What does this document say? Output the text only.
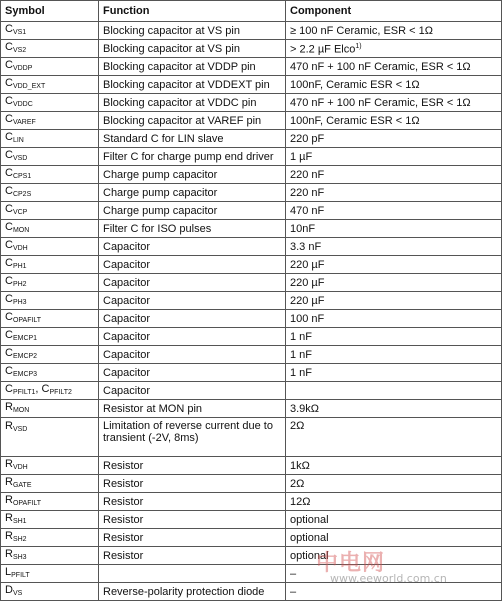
Symbol	Function	Component
$C_{VS1}$	Blocking capacitor at VS pin	≥ 100 nF Ceramic, ESR < 1Ω
$C_{VS2}$	Blocking capacitor at VS pin	> 2.2 µF Elco$^{1)}$
$C_{VDDP}$	Blocking capacitor at VDDP pin	470 nF + 100 nF Ceramic, ESR < 1Ω
$C_{VDD\_EXT}$	Blocking capacitor at VDDEXT pin	100nF, Ceramic ESR < 1Ω
$C_{VDDC}$	Blocking capacitor at VDDC pin	470 nF + 100 nF Ceramic, ESR < 1Ω
$C_{VAREF}$	Blocking capacitor at VAREF pin	100nF, Ceramic ESR < 1Ω
$C_{LIN}$	Standard C for LIN slave	220 pF
$C_{VSD}$	Filter C for charge pump end driver	1 µF
$C_{CPS1}$	Charge pump capacitor	220 nF
$C_{CP2S}$	Charge pump capacitor	220 nF
$C_{VCP}$	Charge pump capacitor	470 nF
$C_{MON}$	Filter C for ISO pulses	10nF
$C_{VDH}$	Capacitor	3.3 nF
$C_{PH1}$	Capacitor	220 µF
$C_{PH2}$	Capacitor	220 µF
$C_{PH3}$	Capacitor	220 µF
$C_{OPAFILT}$	Capacitor	100 nF
$C_{EMCP1}$	Capacitor	1 nF
$C_{EMCP2}$	Capacitor	1 nF
$C_{EMCP3}$	Capacitor	1 nF
$C_{PFILT1}$, $C_{PFILT2}$	Capacitor	
$R_{MON}$	Resistor at MON pin	3.9kΩ
$R_{VSD}$	Limitation of reverse current due to transient (-2V, 8ms)	2Ω
$R_{VDH}$	Resistor	1kΩ
$R_{GATE}$	Resistor	2Ω
$R_{OPAFILT}$	Resistor	12Ω
$R_{SH1}$	Resistor	optional
$R_{SH2}$	Resistor	optional
$R_{SH3}$	Resistor	optional
$L_{PFILT}$		–
$D_{VS}$	Reverse-polarity protection diode	–
中电网
www.eeworld.com.cn
